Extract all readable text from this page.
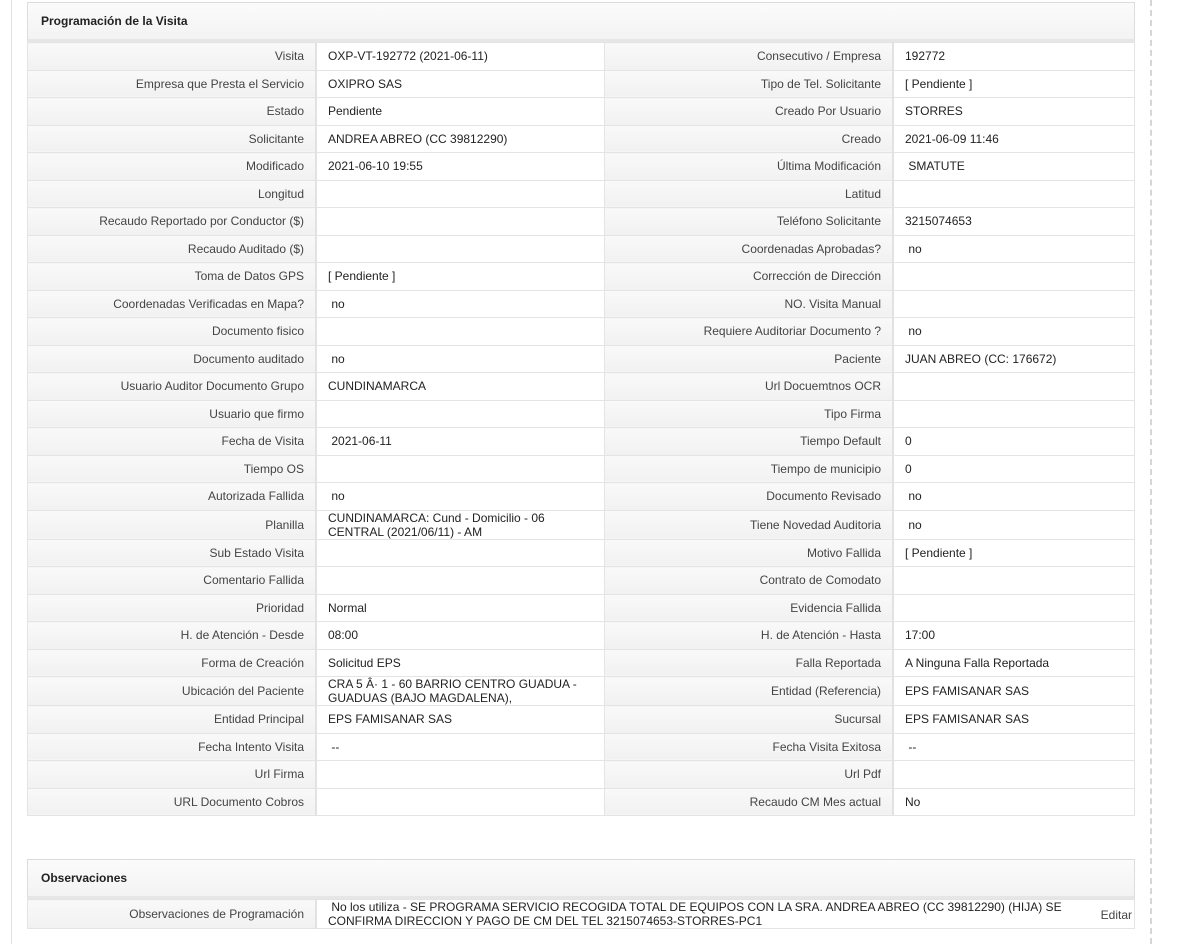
Programación de la Visita
Visita	OXP-VT-192772 (2021-06-11)	Consecutivo / Empresa	192772
Empresa que Presta el Servicio	OXIPRO SAS	Tipo de Tel. Solicitante	[ Pendiente ]
Estado	Pendiente	Creado Por Usuario	STORRES
Solicitante	ANDREA ABREO (CC 39812290)	Creado	2021-06-09 11:46
Modificado	2021-06-10 19:55	Última Modificación	SMATUTE
Longitud		Latitud	
Recaudo Reportado por Conductor ($)		Teléfono Solicitante	3215074653
Recaudo Auditado ($)		Coordenadas Aprobadas?	no
Toma de Datos GPS	[ Pendiente ]	Corrección de Dirección	
Coordenadas Verificadas en Mapa?	no	NO. Visita Manual	
Documento fisico		Requiere Auditoriar Documento ?	no
Documento auditado	no	Paciente	JUAN ABREO (CC: 176672)
Usuario Auditor Documento Grupo	CUNDINAMARCA	Url Docuemtnos OCR	
Usuario que firmo		Tipo Firma	
Fecha de Visita	2021-06-11	Tiempo Default	0
Tiempo OS		Tiempo de municipio	0
Autorizada Fallida	no	Documento Revisado	no
Planilla	CUNDINAMARCA: Cund - Domicilio - 06 CENTRAL (2021/06/11) - AM	Tiene Novedad Auditoria	no
Sub Estado Visita		Motivo Fallida	[ Pendiente ]
Comentario Fallida		Contrato de Comodato	
Prioridad	Normal	Evidencia Fallida	
H. de Atención - Desde	08:00	H. de Atención - Hasta	17:00
Forma de Creación	Solicitud EPS	Falla Reportada	A Ninguna Falla Reportada
Ubicación del Paciente	CRA 5 Â· 1 - 60 BARRIO CENTRO GUADUA - GUADUAS (BAJO MAGDALENA),	Entidad (Referencia)	EPS FAMISANAR SAS
Entidad Principal	EPS FAMISANAR SAS	Sucursal	EPS FAMISANAR SAS
Fecha Intento Visita	--	Fecha Visita Exitosa	--
Url Firma		Url Pdf	
URL Documento Cobros		Recaudo CM Mes actual	No
Observaciones
Observaciones de Programación	No los utiliza - SE PROGRAMA SERVICIO RECOGIDA TOTAL DE EQUIPOS CON LA SRA. ANDREA ABREO (CC 39812290) (HIJA) SE CONFIRMA DIRECCION Y PAGO DE CM DEL TEL 3215074653-STORRES-PC1	Editar
